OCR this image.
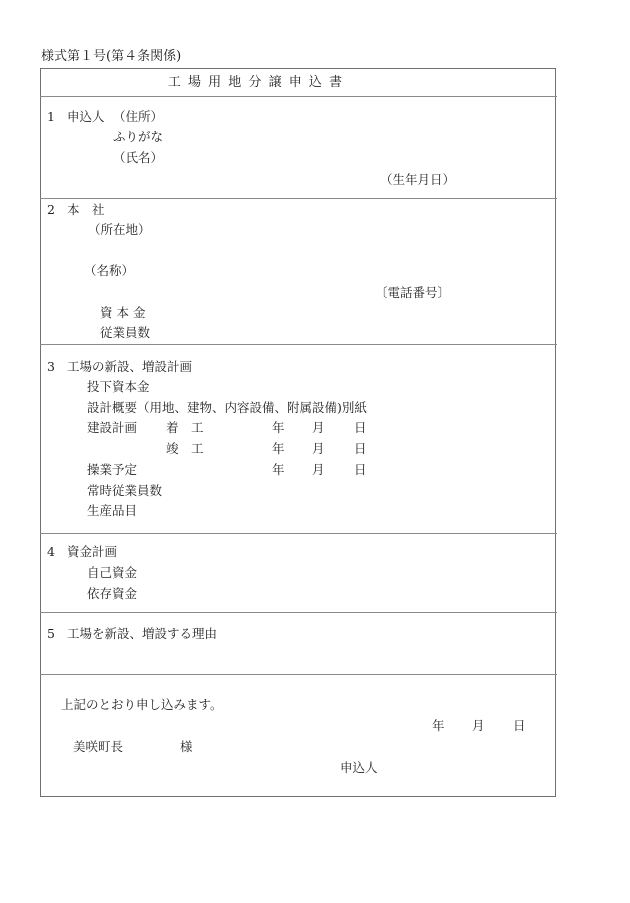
様式第１号(第４条関係)
工場用地分譲申込書
1 申込人 （住所）
ふりがな
（氏名）
（生年月日）
2 本　社
（所在地）
（名称）
〔電話番号〕
資 本 金
従業員数
3 工場の新設、増設計画
投下資本金
設計概要（用地、建物、内容設備、附属設備)別紙
建設計画 着　工	年 月 日
竣　工	年 月 日
操業予定	年 月 日
常時従業員数
生産品目
4 資金計画
自己資金
依存資金
5 工場を新設、増設する理由
上記のとおり申し込みます。
年 月 日
美咲町長	様
申込人
